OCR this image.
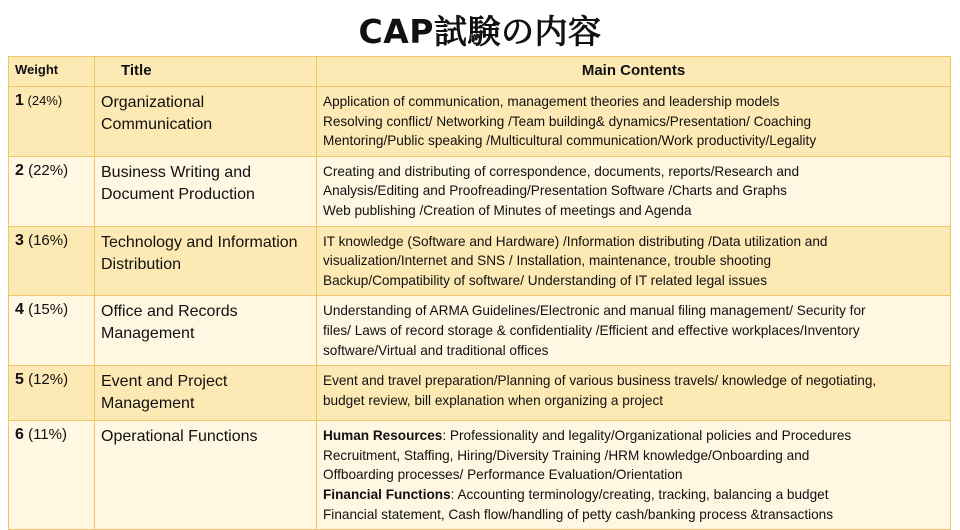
CAP試験の内容
Weight	Title	Main Contents
1 (24%)	Organizational Communication	Application of communication, management theories and leadership models
Resolving conflict/ Networking /Team building& dynamics/Presentation/ Coaching
Mentoring/Public speaking /Multicultural communication/Work productivity/Legality

2 (22%)	Business Writing and Document Production	Creating and distributing of correspondence, documents, reports/Research and
Analysis/Editing and Proofreading/Presentation Software /Charts and Graphs
Web publishing /Creation of Minutes of meetings and Agenda

3 (16%)	Technology and Information Distribution	IT knowledge (Software and Hardware) /Information distributing /Data utilization and
visualization/Internet and SNS / Installation, maintenance, trouble shooting
Backup/Compatibility of software/ Understanding of IT related legal issues

4 (15%)	Office and Records Management	Understanding of ARMA Guidelines/Electronic and manual filing management/ Security for
files/ Laws of record storage & confidentiality /Efficient and effective workplaces/Inventory
software/Virtual and traditional offices

5 (12%)	Event and Project Management	Event and travel preparation/Planning of various business travels/ knowledge of negotiating,
budget review, bill explanation when organizing a project

6 (11%)	Operational Functions	Human Resources: Professionality and legality/Organizational policies and Procedures
Recruitment, Staffing, Hiring/Diversity Training /HRM knowledge/Onboarding and
Offboarding processes/ Performance Evaluation/Orientation
Financial Functions: Accounting terminology/creating, tracking, balancing a budget
Financial statement, Cash flow/handling of petty cash/banking process &transactions
